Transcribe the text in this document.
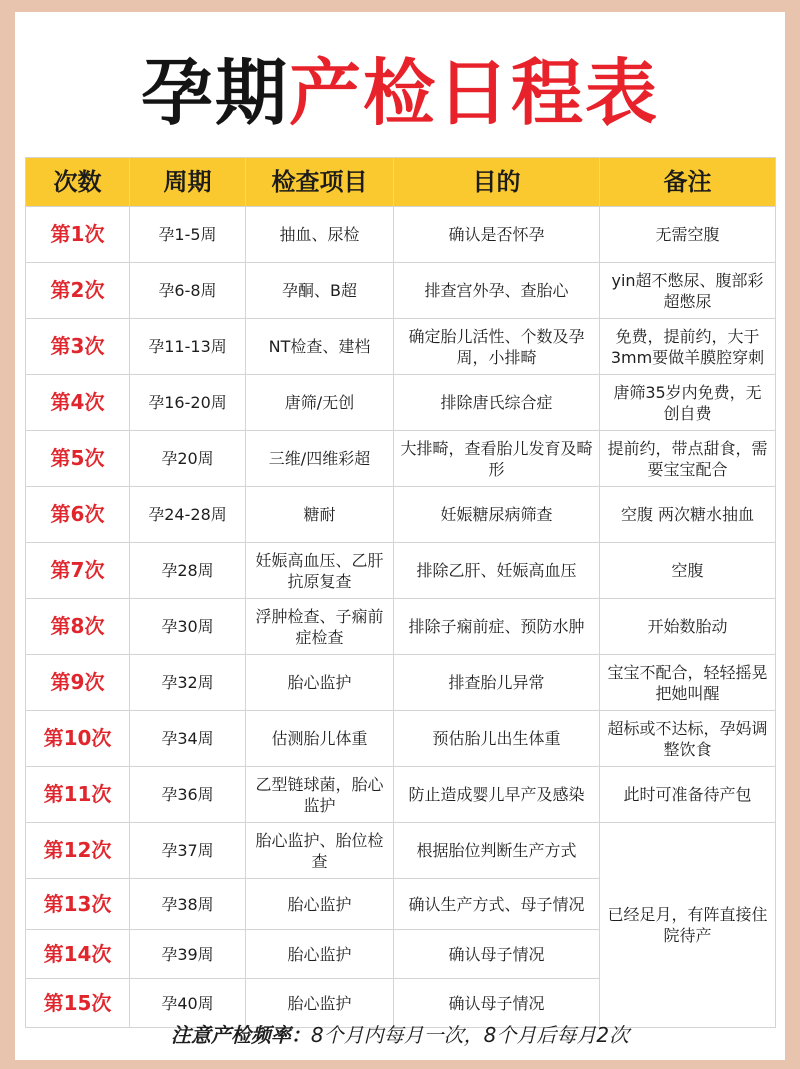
孕期产检日程表
次数	周期	检查项目	目的	备注
第1次	孕1-5周	抽血、尿检	确认是否怀孕	无需空腹
第2次	孕6-8周	孕酮、B超	排查宫外孕、查胎心	yin超不憋尿、腹部彩超憋尿
第3次	孕11-13周	NT检查、建档	确定胎儿活性、个数及孕周，小排畸	免费，提前约，大于3mm要做羊膜腔穿刺
第4次	孕16-20周	唐筛/无创	排除唐氏综合症	唐筛35岁内免费，无创自费
第5次	孕20周	三维/四维彩超	大排畸，查看胎儿发育及畸形	提前约，带点甜食，需要宝宝配合
第6次	孕24-28周	糖耐	妊娠糖尿病筛查	空腹 两次糖水抽血
第7次	孕28周	妊娠高血压、乙肝抗原复查	排除乙肝、妊娠高血压	空腹
第8次	孕30周	浮肿检查、子痫前症检查	排除子痫前症、预防水肿	开始数胎动
第9次	孕32周	胎心监护	排查胎儿异常	宝宝不配合，轻轻摇晃把她叫醒
第10次	孕34周	估测胎儿体重	预估胎儿出生体重	超标或不达标，孕妈调整饮食
第11次	孕36周	乙型链球菌，胎心监护	防止造成婴儿早产及感染	此时可准备待产包
第12次	孕37周	胎心监护、胎位检查	根据胎位判断生产方式	已经足月，有阵直接住院待产
第13次	孕38周	胎心监护	确认生产方式、母子情况	
第14次	孕39周	胎心监护	确认母子情况	
第15次	孕40周	胎心监护	确认母子情况	
注意产检频率：8个月内每月一次，8个月后每月2次
